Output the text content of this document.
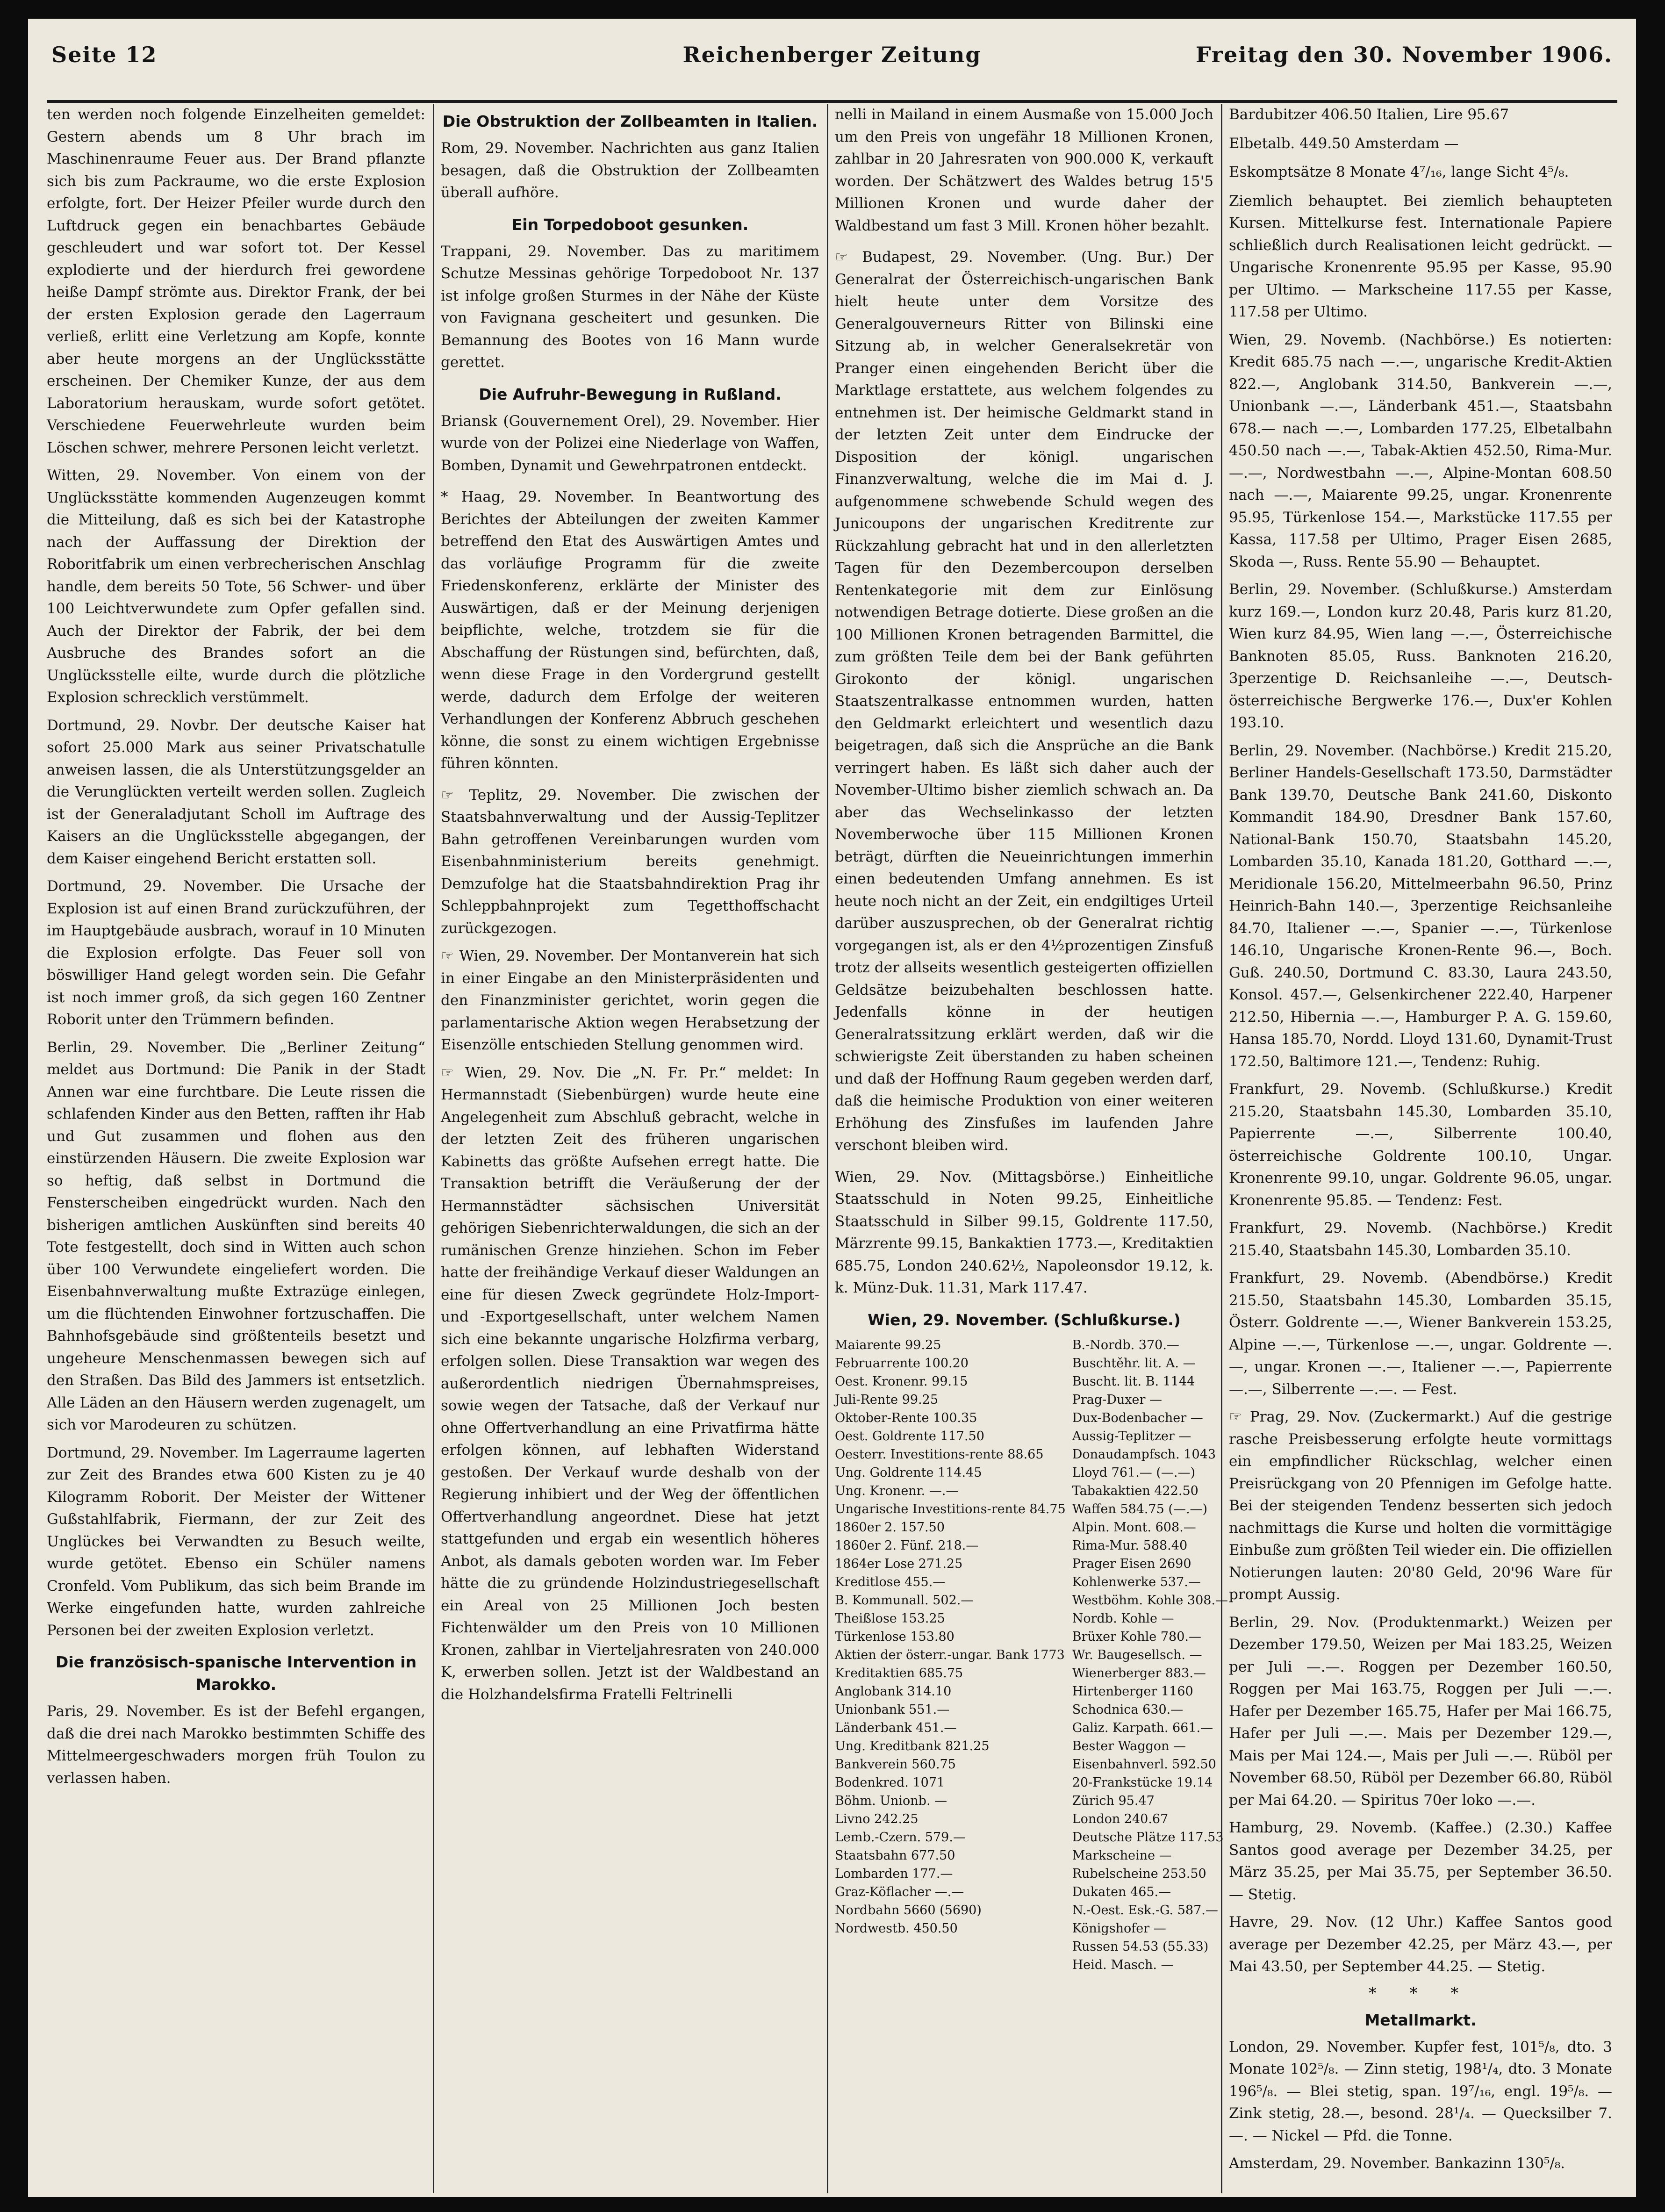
Seite 12	Reichenberger Zeitung	Freitag den 30. November 1906.

ten werden noch folgende Einzelheiten gemeldet: Gestern abends um 8 Uhr brach im Maschinenraume Feuer aus. Der Brand pflanzte sich bis zum Packraume, wo die erste Explosion erfolgte, fort. Der Heizer Pfeiler wurde durch den Luftdruck gegen ein benachbartes Gebäude geschleudert und war sofort tot. Der Kessel explodierte und der hierdurch frei gewordene heiße Dampf strömte aus. Direktor Frank, der bei der ersten Explosion gerade den Lagerraum verließ, erlitt eine Verletzung am Kopfe, konnte aber heute morgens an der Unglücksstätte erscheinen. Der Chemiker Kunze, der aus dem Laboratorium herauskam, wurde sofort getötet. Verschiedene Feuerwehrleute wurden beim Löschen schwer, mehrere Personen leicht verletzt.

Witten, 29. November. Von einem von der Unglücksstätte kommenden Augenzeugen kommt die Mitteilung, daß es sich bei der Katastrophe nach der Auffassung der Direktion der Roboritfabrik um einen verbrecherischen Anschlag handle, dem bereits 50 Tote, 56 Schwer- und über 100 Leichtverwundete zum Opfer gefallen sind. Auch der Direktor der Fabrik, der bei dem Ausbruche des Brandes sofort an die Unglücksstelle eilte, wurde durch die plötzliche Explosion schrecklich verstümmelt.

Dortmund, 29. Novbr. Der deutsche Kaiser hat sofort 25.000 Mark aus seiner Privatschatulle anweisen lassen, die als Unterstützungsgelder an die Verunglückten verteilt werden sollen. Zugleich ist der Generaladjutant Scholl im Auftrage des Kaisers an die Unglücksstelle abgegangen, der dem Kaiser eingehend Bericht erstatten soll.

Dortmund, 29. November. Die Ursache der Explosion ist auf einen Brand zurückzuführen, der im Hauptgebäude ausbrach, worauf in 10 Minuten die Explosion erfolgte. Das Feuer soll von böswilliger Hand gelegt worden sein. Die Gefahr ist noch immer groß, da sich gegen 160 Zentner Roborit unter den Trümmern befinden.

Berlin, 29. November. Die „Berliner Zeitung“ meldet aus Dortmund: Die Panik in der Stadt Annen war eine furchtbare. Die Leute rissen die schlafenden Kinder aus den Betten, rafften ihr Hab und Gut zusammen und flohen aus den einstürzenden Häusern. Die zweite Explosion war so heftig, daß selbst in Dortmund die Fensterscheiben eingedrückt wurden. Nach den bisherigen amtlichen Auskünften sind bereits 40 Tote festgestellt, doch sind in Witten auch schon über 100 Verwundete eingeliefert worden. Die Eisenbahnverwaltung mußte Extrazüge einlegen, um die flüchtenden Einwohner fortzuschaffen. Die Bahnhofsgebäude sind größtenteils besetzt und ungeheure Menschenmassen bewegen sich auf den Straßen. Das Bild des Jammers ist entsetzlich. Alle Läden an den Häusern werden zugenagelt, um sich vor Marodeuren zu schützen.

Dortmund, 29. November. Im Lagerraume lagerten zur Zeit des Brandes etwa 600 Kisten zu je 40 Kilogramm Roborit. Der Meister der Wittener Gußstahlfabrik, Fiermann, der zur Zeit des Unglückes bei Verwandten zu Besuch weilte, wurde getötet. Ebenso ein Schüler namens Cronfeld. Vom Publikum, das sich beim Brande im Werke eingefunden hatte, wurden zahlreiche Personen bei der zweiten Explosion verletzt.

Die französisch-spanische Intervention in Marokko.

Paris, 29. November. Es ist der Befehl ergangen, daß die drei nach Marokko bestimmten Schiffe des Mittelmeergeschwaders morgen früh Toulon zu verlassen haben.

Die Obstruktion der Zollbeamten in Italien.

Rom, 29. November. Nachrichten aus ganz Italien besagen, daß die Obstruktion der Zollbeamten überall aufhöre.

Ein Torpedoboot gesunken.

Trappani, 29. November. Das zu maritimem Schutze Messinas gehörige Torpedoboot Nr. 137 ist infolge großen Sturmes in der Nähe der Küste von Favignana gescheitert und gesunken. Die Bemannung des Bootes von 16 Mann wurde gerettet.

Die Aufruhr-Bewegung in Rußland.

Briansk (Gouvernement Orel), 29. November. Hier wurde von der Polizei eine Niederlage von Waffen, Bomben, Dynamit und Gewehrpatronen entdeckt.

* Haag, 29. November. In Beantwortung des Berichtes der Abteilungen der zweiten Kammer betreffend den Etat des Auswärtigen Amtes und das vorläufige Programm für die zweite Friedenskonferenz, erklärte der Minister des Auswärtigen, daß er der Meinung derjenigen beipflichte, welche, trotzdem sie für die Abschaffung der Rüstungen sind, befürchten, daß, wenn diese Frage in den Vordergrund gestellt werde, dadurch dem Erfolge der weiteren Verhandlungen der Konferenz Abbruch geschehen könne, die sonst zu einem wichtigen Ergebnisse führen könnten.

☞ Teplitz, 29. November. Die zwischen der Staatsbahnverwaltung und der Aussig-Teplitzer Bahn getroffenen Vereinbarungen wurden vom Eisenbahnministerium bereits genehmigt. Demzufolge hat die Staatsbahndirektion Prag ihr Schleppbahnprojekt zum Tegetthoffschacht zurückgezogen.

☞ Wien, 29. November. Der Montanverein hat sich in einer Eingabe an den Ministerpräsidenten und den Finanzminister gerichtet, worin gegen die parlamentarische Aktion wegen Herabsetzung der Eisenzölle entschieden Stellung genommen wird.

☞ Wien, 29. Nov. Die „N. Fr. Pr.“ meldet: In Hermannstadt (Siebenbürgen) wurde heute eine Angelegenheit zum Abschluß gebracht, welche in der letzten Zeit des früheren ungarischen Kabinetts das größte Aufsehen erregt hatte. Die Transaktion betrifft die Veräußerung der der Hermannstädter sächsischen Universität gehörigen Siebenrichterwaldungen, die sich an der rumänischen Grenze hinziehen. Schon im Feber hatte der freihändige Verkauf dieser Waldungen an eine für diesen Zweck gegründete Holz-Import- und -Exportgesellschaft, unter welchem Namen sich eine bekannte ungarische Holzfirma verbarg, erfolgen sollen. Diese Transaktion war wegen des außerordentlich niedrigen Übernahmspreises, sowie wegen der Tatsache, daß der Verkauf nur ohne Offertverhandlung an eine Privatfirma hätte erfolgen können, auf lebhaften Widerstand gestoßen. Der Verkauf wurde deshalb von der Regierung inhibiert und der Weg der öffentlichen Offertverhandlung angeordnet. Diese hat jetzt stattgefunden und ergab ein wesentlich höheres Anbot, als damals geboten worden war. Im Feber hätte die zu gründende Holzindustriegesellschaft ein Areal von 25 Millionen Joch besten Fichtenwälder um den Preis von 10 Millionen Kronen, zahlbar in Vierteljahresraten von 240.000 K, erwerben sollen. Jetzt ist der Waldbestand an die Holzhandelsfirma Fratelli Feltrinelli

nelli in Mailand in einem Ausmaße von 15.000 Joch um den Preis von ungefähr 18 Millionen Kronen, zahlbar in 20 Jahresraten von 900.000 K, verkauft worden. Der Schätzwert des Waldes betrug 15'5 Millionen Kronen und wurde daher der Waldbestand um fast 3 Mill. Kronen höher bezahlt.

☞ Budapest, 29. November. (Ung. Bur.) Der Generalrat der Österreichisch-ungarischen Bank hielt heute unter dem Vorsitze des Generalgouverneurs Ritter von Bilinski eine Sitzung ab, in welcher Generalsekretär von Pranger einen eingehenden Bericht über die Marktlage erstattete, aus welchem folgendes zu entnehmen ist. Der heimische Geldmarkt stand in der letzten Zeit unter dem Eindrucke der Disposition der königl. ungarischen Finanzverwaltung, welche die im Mai d. J. aufgenommene schwebende Schuld wegen des Junicoupons der ungarischen Kreditrente zur Rückzahlung gebracht hat und in den allerletzten Tagen für den Dezembercoupon derselben Rentenkategorie mit dem zur Einlösung notwendigen Betrage dotierte. Diese großen an die 100 Millionen Kronen betragenden Barmittel, die zum größten Teile dem bei der Bank geführten Girokonto der königl. ungarischen Staatszentralkasse entnommen wurden, hatten den Geldmarkt erleichtert und wesentlich dazu beigetragen, daß sich die Ansprüche an die Bank verringert haben. Es läßt sich daher auch der November-Ultimo bisher ziemlich schwach an. Da aber das Wechselinkasso der letzten Novemberwoche über 115 Millionen Kronen beträgt, dürften die Neueinrichtungen immerhin einen bedeutenden Umfang annehmen. Es ist heute noch nicht an der Zeit, ein endgiltiges Urteil darüber auszusprechen, ob der Generalrat richtig vorgegangen ist, als er den 4½prozentigen Zinsfuß trotz der allseits wesentlich gesteigerten offiziellen Geldsätze beizubehalten beschlossen hatte. Jedenfalls könne in der heutigen Generalratssitzung erklärt werden, daß wir die schwierigste Zeit überstanden zu haben scheinen und daß der Hoffnung Raum gegeben werden darf, daß die heimische Produktion von einer weiteren Erhöhung des Zinsfußes im laufenden Jahre verschont bleiben wird.

Wien, 29. Nov. (Mittagsbörse.) Einheitliche Staatsschuld in Noten 99.25, Einheitliche Staatsschuld in Silber 99.15, Goldrente 117.50, Märzrente 99.15, Bankaktien 1773.—, Kreditaktien 685.75, London 240.62½, Napoleonsdor 19.12, k. k. Münz-Duk. 11.31, Mark 117.47.

Wien, 29. November. (Schlußkurse.)
Maiarente 99.25	B.-Nordb. 370.—
Februarrente 100.20	Buschtěhr. lit. A. —
Oest. Kronenr. 99.15	Buscht. lit. B. 1144
Juli-Rente 99.25	Prag-Duxer —
Oktober-Rente 100.35	Dux-Bodenbacher —
Oest. Goldrente 117.50	Aussig-Teplitzer —
Oesterr. Investitions-rente 88.65	Donaudampfsch. 1043
Ung. Goldrente 114.45	Lloyd 761.— (—.—)
Ung. Kronenr. —.—	Tabakaktien 422.50
Ungarische Investitions-rente 84.75 Waffen 584.75 (—.—)
1860er 2. 157.50	Alpin. Mont. 608.—
1860er 2. Fünf. 218.—	Rima-Mur. 588.40
1864er Lose 271.25	Prager Eisen 2690
Kreditlose 455.—	Kohlenwerke 537.—
B. Kommunall. 502.—	Westböhm. Kohle 308.—
Theißlose 153.25	Nordb. Kohle —
Türkenlose 153.80	Brüxer Kohle 780.—
Aktien der österr.-ungar. Bank 1773 Wr. Baugesellsch. —
Kreditaktien 685.75	Wienerberger 883.—
Anglobank 314.10	Hirtenberger 1160
Unionbank 551.—	Schodnica 630.—
Länderbank 451.—	Galiz. Karpath. 661.—
Ung. Kreditbank 821.25	Bester Waggon —
Bankverein 560.75	Eisenbahnverl. 592.50
Bodenkred. 1071	20-Frankstücke 19.14
Böhm. Unionb. —	Zürich 95.47
Livno 242.25	London 240.67
Lemb.-Czern. 579.—	Deutsche Plätze 117.53
Staatsbahn 677.50	Markscheine —
Lombarden 177.—	Rubelscheine 253.50
Graz-Köflacher —.—	Dukaten 465.—
Nordbahn 5660 (5690)	N.-Oest. Esk.-G. 587.—
Nordwestb. 450.50	Königshofer —
Russen 54.53 (55.33)
Heid. Masch. —
Bardubitzer 406.50 Italien, Lire 95.67
Elbetalb. 449.50 Amsterdam —
Eskomptsätze 8 Monate 4⁷/₁₆, lange Sicht 4⁵/₈.

Ziemlich behauptet. Bei ziemlich behaupteten Kursen. Mittelkurse fest. Internationale Papiere schließlich durch Realisationen leicht gedrückt. — Ungarische Kronenrente 95.95 per Kasse, 95.90 per Ultimo. — Markscheine 117.55 per Kasse, 117.58 per Ultimo.

Wien, 29. Novemb. (Nachbörse.) Es notierten: Kredit 685.75 nach —.—, ungarische Kredit-Aktien 822.—, Anglobank 314.50, Bankverein —.—, Unionbank —.—, Länderbank 451.—, Staatsbahn 678.— nach —.—, Lombarden 177.25, Elbetalbahn 450.50 nach —.—, Tabak-Aktien 452.50, Rima-Mur. —.—, Nordwestbahn —.—, Alpine-Montan 608.50 nach —.—, Maiarente 99.25, ungar. Kronenrente 95.95, Türkenlose 154.—, Markstücke 117.55 per Kassa, 117.58 per Ultimo, Prager Eisen 2685, Skoda —, Russ. Rente 55.90 — Behauptet.

Berlin, 29. November. (Schlußkurse.) Amsterdam kurz 169.—, London kurz 20.48, Paris kurz 81.20, Wien kurz 84.95, Wien lang —.—, Österreichische Banknoten 85.05, Russ. Banknoten 216.20, 3perzentige D. Reichsanleihe —.—, Deutsch-österreichische Bergwerke 176.—, Dux'er Kohlen 193.10.

Berlin, 29. November. (Nachbörse.) Kredit 215.20, Berliner Handels-Gesellschaft 173.50, Darmstädter Bank 139.70, Deutsche Bank 241.60, Diskonto Kommandit 184.90, Dresdner Bank 157.60, National-Bank 150.70, Staatsbahn 145.20, Lombarden 35.10, Kanada 181.20, Gotthard —.—, Meridionale 156.20, Mittelmeerbahn 96.50, Prinz Heinrich-Bahn 140.—, 3perzentige Reichsanleihe 84.70, Italiener —.—, Spanier —.—, Türkenlose 146.10, Ungarische Kronen-Rente 96.—, Boch. Guß. 240.50, Dortmund C. 83.30, Laura 243.50, Konsol. 457.—, Gelsenkirchener 222.40, Harpener 212.50, Hibernia —.—, Hamburger P. A. G. 159.60, Hansa 185.70, Nordd. Lloyd 131.60, Dynamit-Trust 172.50, Baltimore 121.—, Tendenz: Ruhig.

Frankfurt, 29. Novemb. (Schlußkurse.) Kredit 215.20, Staatsbahn 145.30, Lombarden 35.10, Papierrente —.—, Silberrente 100.40, österreichische Goldrente 100.10, Ungar. Kronenrente 99.10, ungar. Goldrente 96.05, ungar. Kronenrente 95.85. — Tendenz: Fest.

Frankfurt, 29. Novemb. (Nachbörse.) Kredit 215.40, Staatsbahn 145.30, Lombarden 35.10.

Frankfurt, 29. Novemb. (Abendbörse.) Kredit 215.50, Staatsbahn 145.30, Lombarden 35.15, Österr. Goldrente —.—, Wiener Bankverein 153.25, Alpine —.—, Türkenlose —.—, ungar. Goldrente —.—, ungar. Kronen —.—, Italiener —.—, Papierrente —.—, Silberrente —.—. — Fest.

☞ Prag, 29. Nov. (Zuckermarkt.) Auf die gestrige rasche Preisbesserung erfolgte heute vormittags ein empfindlicher Rückschlag, welcher einen Preisrückgang von 20 Pfennigen im Gefolge hatte. Bei der steigenden Tendenz besserten sich jedoch nachmittags die Kurse und holten die vormittägige Einbuße zum größten Teil wieder ein. Die offiziellen Notierungen lauten: 20'80 Geld, 20'96 Ware für prompt Aussig.

Berlin, 29. Nov. (Produktenmarkt.) Weizen per Dezember 179.50, Weizen per Mai 183.25, Weizen per Juli —.—. Roggen per Dezember 160.50, Roggen per Mai 163.75, Roggen per Juli —.—. Hafer per Dezember 165.75, Hafer per Mai 166.75, Hafer per Juli —.—. Mais per Dezember 129.—, Mais per Mai 124.—, Mais per Juli —.—. Rüböl per November 68.50, Rüböl per Dezember 66.80, Rüböl per Mai 64.20. — Spiritus 70er loko —.—.

Hamburg, 29. Novemb. (Kaffee.) (2.30.) Kaffee Santos good average per Dezember 34.25, per März 35.25, per Mai 35.75, per September 36.50. — Stetig.

Havre, 29. Nov. (12 Uhr.) Kaffee Santos good average per Dezember 42.25, per März 43.—, per Mai 43.50, per September 44.25. — Stetig.

* * *
Metallmarkt.

London, 29. November. Kupfer fest, 101⁵/₈, dto. 3 Monate 102⁵/₈. — Zinn stetig, 198¹/₄, dto. 3 Monate 196⁵/₈. — Blei stetig, span. 19⁷/₁₆, engl. 19⁵/₈. — Zink stetig, 28.—, besond. 28¹/₄. — Quecksilber 7.—. — Nickel — Pfd. die Tonne.

Amsterdam, 29. November. Bankazinn 130⁵/₈.
